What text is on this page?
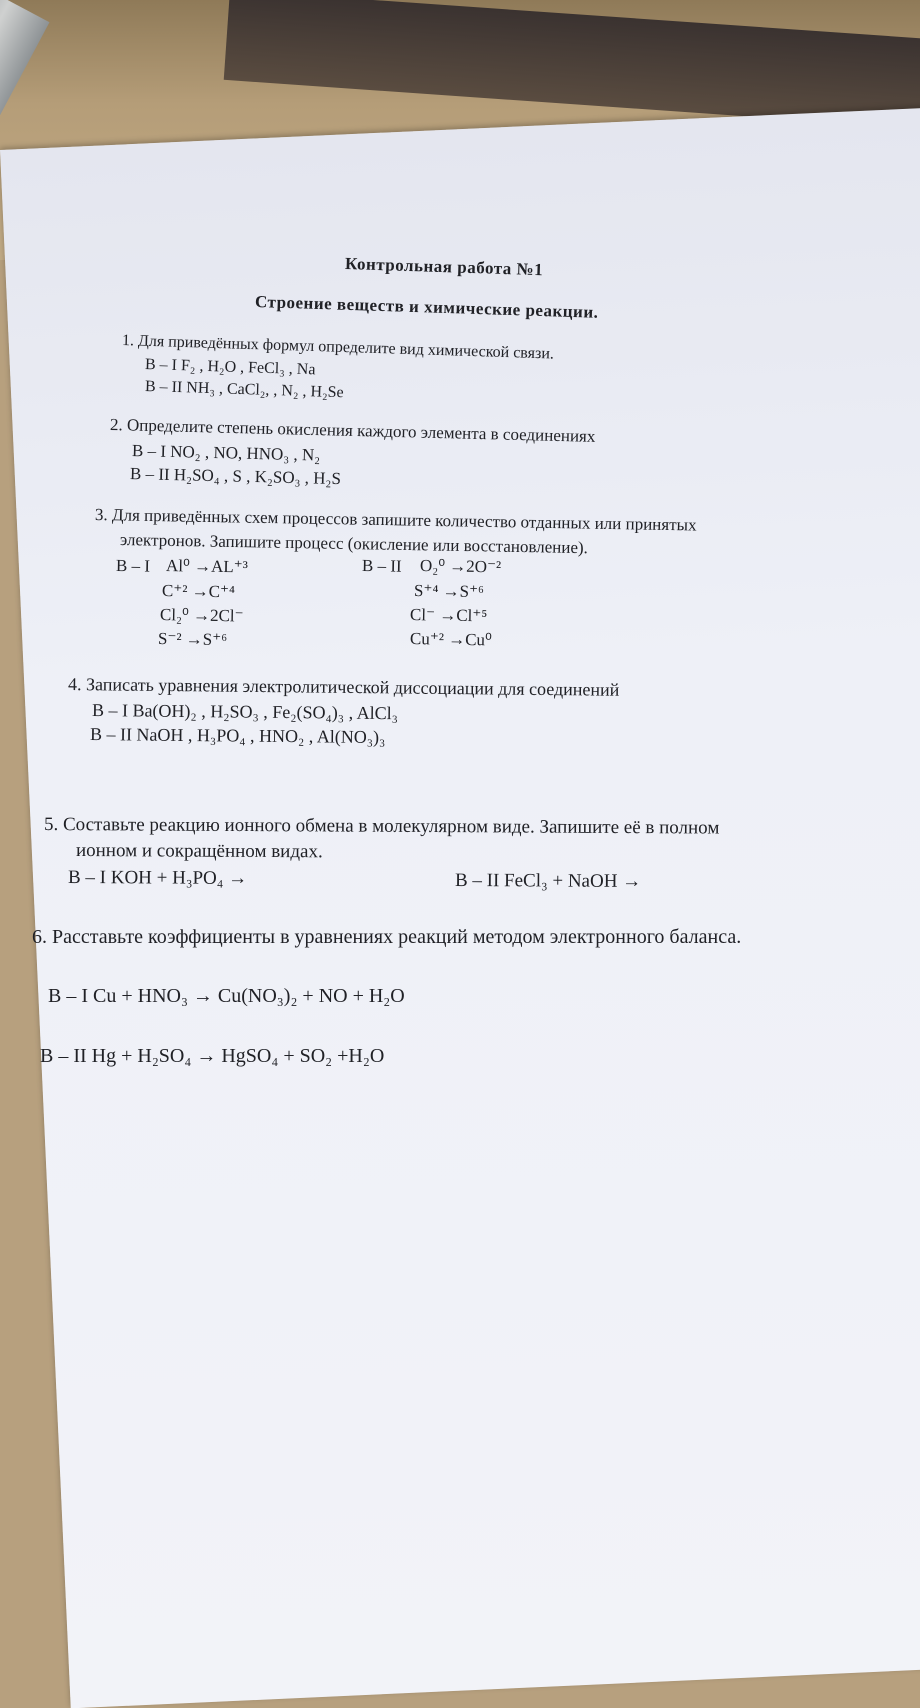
Контрольная работа №1
Строение веществ и химические реакции.
1. Для приведённых формул определите вид химической связи.
В – I F₂ , H₂O , FeCl₃ , Na
В – II NH₃ , CaCl₂, , N₂ , H₂Se
2. Определите степень окисления каждого элемента в соединениях
В – I NO₂ , NO, HNO₃ , N₂
В – II H₂SO₄ , S , K₂SO₃ , H₂S
3. Для приведённых схем процессов запишите количество отданных или принятых
электронов. Запишите процесс (окисление или восстановление).
В – I Al⁰ →AL⁺³
C⁺² →C⁺⁴
Cl₂⁰ →2Cl⁻
S⁻² →S⁺⁶
В – II O₂⁰ →2O⁻²
S⁺⁴ →S⁺⁶
Cl⁻ →Cl⁺⁵
Cu⁺² →Cu⁰
4. Записать уравнения электролитической диссоциации для соединений
В – I Ba(OH)₂ , H₂SO₃ , Fe₂(SO₄)₃ , AlCl₃
В – II NaOH , H₃PO₄ , HNO₂ , Al(NO₃)₃
5. Составьте реакцию ионного обмена в молекулярном виде. Запишите её в полном
ионном и сокращённом видах.
В – I KOH + H₃PO₄ →	В – II FeCl₃ + NaOH →
6. Расставьте коэффициенты в уравнениях реакций методом электронного баланса.
В – I Cu + HNO₃ → Cu(NO₃)₂ + NO + H₂O
В – II Hg + H₂SO₄ → HgSO₄ + SO₂ +H₂O
